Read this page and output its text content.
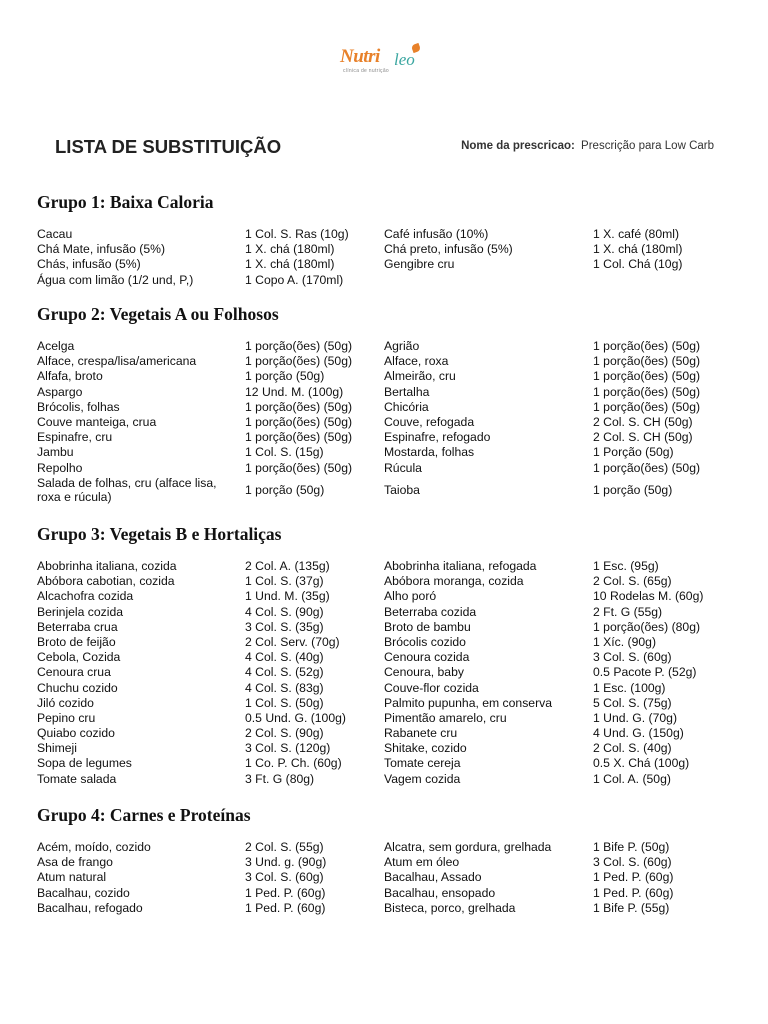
Nutri leo
clínica de nutrição
LISTA DE SUBSTITUIÇÃO	Nome da prescricao: Prescrição para Low Carb
Grupo 1: Baixa Caloria
Cacau	1 Col. S. Ras (10g)	Café infusão (10%)	1 X. café (80ml)
Chá Mate, infusão (5%)	1 X. chá (180ml)	Chá preto, infusão (5%)	1 X. chá (180ml)
Chás, infusão (5%)	1 X. chá (180ml)	Gengibre cru	1 Col. Chá (10g)
Água com limão (1/2 und, P,)	1 Copo A. (170ml)
Grupo 2: Vegetais A ou Folhosos
Acelga	1 porção(ões) (50g)	Agrião	1 porção(ões) (50g)
Alface, crespa/lisa/americana	1 porção(ões) (50g)	Alface, roxa	1 porção(ões) (50g)
Alfafa, broto	1 porção (50g)	Almeirão, cru	1 porção(ões) (50g)
Aspargo	12 Und. M. (100g)	Bertalha	1 porção(ões) (50g)
Brócolis, folhas	1 porção(ões) (50g)	Chicória	1 porção(ões) (50g)
Couve manteiga, crua	1 porção(ões) (50g)	Couve, refogada	2 Col. S. CH (50g)
Espinafre, cru	1 porção(ões) (50g)	Espinafre, refogado	2 Col. S. CH (50g)
Jambu	1 Col. S. (15g)	Mostarda, folhas	1 Porção (50g)
Repolho	1 porção(ões) (50g)	Rúcula	1 porção(ões) (50g)
Salada de folhas, cru (alface lisa, roxa e rúcula)	1 porção (50g)	Taioba	1 porção (50g)
Grupo 3: Vegetais B e Hortaliças
Abobrinha italiana, cozida	2 Col. A. (135g)	Abobrinha italiana, refogada	1 Esc. (95g)
Abóbora cabotian, cozida	1 Col. S. (37g)	Abóbora moranga, cozida	2 Col. S. (65g)
Alcachofra cozida	1 Und. M. (35g)	Alho poró	10 Rodelas M. (60g)
Berinjela cozida	4 Col. S. (90g)	Beterraba cozida	2 Ft. G (55g)
Beterraba crua	3 Col. S. (35g)	Broto de bambu	1 porção(ões) (80g)
Broto de feijão	2 Col. Serv. (70g)	Brócolis cozido	1 Xíc. (90g)
Cebola, Cozida	4 Col. S. (40g)	Cenoura cozida	3 Col. S. (60g)
Cenoura crua	4 Col. S. (52g)	Cenoura, baby	0.5 Pacote P. (52g)
Chuchu cozido	4 Col. S. (83g)	Couve-flor cozida	1 Esc. (100g)
Jiló cozido	1 Col. S. (50g)	Palmito pupunha, em conserva	5 Col. S. (75g)
Pepino cru	0.5 Und. G. (100g)	Pimentão amarelo, cru	1 Und. G. (70g)
Quiabo cozido	2 Col. S. (90g)	Rabanete cru	4 Und. G. (150g)
Shimeji	3 Col. S. (120g)	Shitake, cozido	2 Col. S. (40g)
Sopa de legumes	1 Co. P. Ch. (60g)	Tomate cereja	0.5 X. Chá (100g)
Tomate salada	3 Ft. G (80g)	Vagem cozida	1 Col. A. (50g)
Grupo 4: Carnes e Proteínas
Acém, moído, cozido	2 Col. S. (55g)	Alcatra, sem gordura, grelhada	1 Bife P. (50g)
Asa de frango	3 Und. g. (90g)	Atum em óleo	3 Col. S. (60g)
Atum natural	3 Col. S. (60g)	Bacalhau, Assado	1 Ped. P. (60g)
Bacalhau, cozido	1 Ped. P. (60g)	Bacalhau, ensopado	1 Ped. P. (60g)
Bacalhau, refogado	1 Ped. P. (60g)	Bisteca, porco, grelhada	1 Bife P. (55g)
